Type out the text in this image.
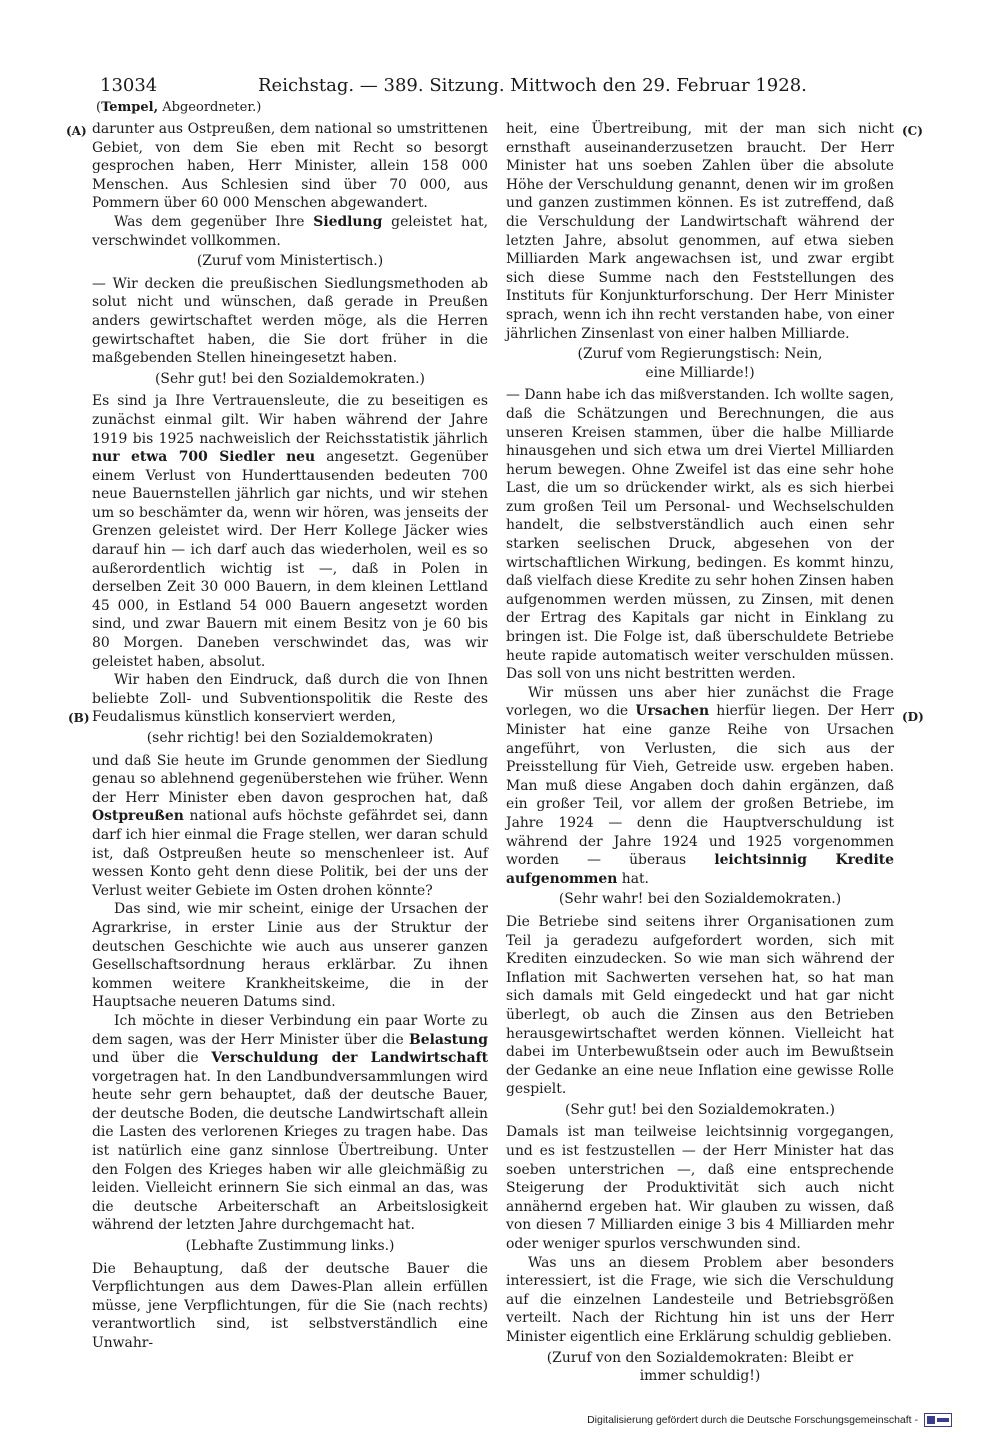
13034	Reichstag. — 389. Sitzung. Mittwoch den 29. Februar 1928.
(Tempel, Abgeordneter.)
(A)
(B)
(C)
(D)

darunter aus Ostpreußen, dem national so umstrittenen Gebiet, von dem Sie eben mit Recht so besorgt gesprochen haben, Herr Minister, allein 158 000 Menschen. Aus Schlesien sind über 70 000, aus Pommern über 60 000 Menschen abgewandert.

Was dem gegenüber Ihre Siedlung geleistet hat, verschwindet vollkommen.

(Zuruf vom Ministertisch.)

— Wir decken die preußischen Siedlungsmethoden ab solut nicht und wünschen, daß gerade in Preußen anders gewirtschaftet werden möge, als die Herren gewirtschaftet haben, die Sie dort früher in die maßgebenden Stellen hineingesetzt haben.

(Sehr gut! bei den Sozialdemokraten.)

Es sind ja Ihre Vertrauensleute, die zu beseitigen es zunächst einmal gilt. Wir haben während der Jahre 1919 bis 1925 nachweislich der Reichsstatistik jährlich nur etwa 700 Siedler neu angesetzt. Gegenüber einem Verlust von Hunderttausenden bedeuten 700 neue Bauernstellen jährlich gar nichts, und wir stehen um so beschämter da, wenn wir hören, was jenseits der Grenzen geleistet wird. Der Herr Kollege Jäcker wies darauf hin — ich darf auch das wiederholen, weil es so außerordentlich wichtig ist —, daß in Polen in derselben Zeit 30 000 Bauern, in dem kleinen Lettland 45 000, in Estland 54 000 Bauern angesetzt worden sind, und zwar Bauern mit einem Besitz von je 60 bis 80 Morgen. Daneben verschwindet das, was wir geleistet haben, absolut.

Wir haben den Eindruck, daß durch die von Ihnen beliebte Zoll- und Subventionspolitik die Reste des Feudalismus künstlich konserviert werden,

(sehr richtig! bei den Sozialdemokraten)

und daß Sie heute im Grunde genommen der Siedlung genau so ablehnend gegenüberstehen wie früher. Wenn der Herr Minister eben davon gesprochen hat, daß Ostpreußen national aufs höchste gefährdet sei, dann darf ich hier einmal die Frage stellen, wer daran schuld ist, daß Ostpreußen heute so menschenleer ist. Auf wessen Konto geht denn diese Politik, bei der uns der Verlust weiter Gebiete im Osten drohen könnte?

Das sind, wie mir scheint, einige der Ursachen der Agrarkrise, in erster Linie aus der Struktur der deutschen Geschichte wie auch aus unserer ganzen Gesellschaftsordnung heraus erklärbar. Zu ihnen kommen weitere Krankheitskeime, die in der Hauptsache neueren Datums sind.

Ich möchte in dieser Verbindung ein paar Worte zu dem sagen, was der Herr Minister über die Belastung und über die Verschuldung der Landwirtschaft vorgetragen hat. In den Landbundversammlungen wird heute sehr gern behauptet, daß der deutsche Bauer, der deutsche Boden, die deutsche Landwirtschaft allein die Lasten des verlorenen Krieges zu tragen habe. Das ist natürlich eine ganz sinnlose Übertreibung. Unter den Folgen des Krieges haben wir alle gleichmäßig zu leiden. Vielleicht erinnern Sie sich einmal an das, was die deutsche Arbeiterschaft an Arbeitslosigkeit während der letzten Jahre durchgemacht hat.

(Lebhafte Zustimmung links.)

Die Behauptung, daß der deutsche Bauer die Verpflichtungen aus dem Dawes-Plan allein erfüllen müsse, jene Verpflichtungen, für die Sie (nach rechts) verantwortlich sind, ist selbstverständlich eine Unwahr-

heit, eine Übertreibung, mit der man sich nicht ernsthaft auseinanderzusetzen braucht. Der Herr Minister hat uns soeben Zahlen über die absolute Höhe der Verschuldung genannt, denen wir im großen und ganzen zustimmen können. Es ist zutreffend, daß die Verschuldung der Landwirtschaft während der letzten Jahre, absolut genommen, auf etwa sieben Milliarden Mark angewachsen ist, und zwar ergibt sich diese Summe nach den Feststellungen des Instituts für Konjunkturforschung. Der Herr Minister sprach, wenn ich ihn recht verstanden habe, von einer jährlichen Zinsenlast von einer halben Milliarde.

(Zuruf vom Regierungstisch: Nein,
eine Milliarde!)

— Dann habe ich das mißverstanden. Ich wollte sagen, daß die Schätzungen und Berechnungen, die aus unseren Kreisen stammen, über die halbe Milliarde hinausgehen und sich etwa um drei Viertel Milliarden herum bewegen. Ohne Zweifel ist das eine sehr hohe Last, die um so drückender wirkt, als es sich hierbei zum großen Teil um Personal- und Wechselschulden handelt, die selbstverständlich auch einen sehr starken seelischen Druck, abgesehen von der wirtschaftlichen Wirkung, bedingen. Es kommt hinzu, daß vielfach diese Kredite zu sehr hohen Zinsen haben aufgenommen werden müssen, zu Zinsen, mit denen der Ertrag des Kapitals gar nicht in Einklang zu bringen ist. Die Folge ist, daß überschuldete Betriebe heute rapide automatisch weiter verschulden müssen. Das soll von uns nicht bestritten werden.

Wir müssen uns aber hier zunächst die Frage vorlegen, wo die Ursachen hierfür liegen. Der Herr Minister hat eine ganze Reihe von Ursachen angeführt, von Verlusten, die sich aus der Preisstellung für Vieh, Getreide usw. ergeben haben. Man muß diese Angaben doch dahin ergänzen, daß ein großer Teil, vor allem der großen Betriebe, im Jahre 1924 — denn die Hauptverschuldung ist während der Jahre 1924 und 1925 vorgenommen worden — überaus leichtsinnig Kredite aufgenommen hat.

(Sehr wahr! bei den Sozialdemokraten.)

Die Betriebe sind seitens ihrer Organisationen zum Teil ja geradezu aufgefordert worden, sich mit Krediten einzudecken. So wie man sich während der Inflation mit Sachwerten versehen hat, so hat man sich damals mit Geld eingedeckt und hat gar nicht überlegt, ob auch die Zinsen aus den Betrieben herausgewirtschaftet werden können. Vielleicht hat dabei im Unterbewußtsein oder auch im Bewußtsein der Gedanke an eine neue Inflation eine gewisse Rolle gespielt.

(Sehr gut! bei den Sozialdemokraten.)

Damals ist man teilweise leichtsinnig vorgegangen, und es ist festzustellen — der Herr Minister hat das soeben unterstrichen —, daß eine entsprechende Steigerung der Produktivität sich auch nicht annähernd ergeben hat. Wir glauben zu wissen, daß von diesen 7 Milliarden einige 3 bis 4 Milliarden mehr oder weniger spurlos verschwunden sind.

Was uns an diesem Problem aber besonders interessiert, ist die Frage, wie sich die Verschuldung auf die einzelnen Landesteile und Betriebsgrößen verteilt. Nach der Richtung hin ist uns der Herr Minister eigentlich eine Erklärung schuldig geblieben.

(Zuruf von den Sozialdemokraten: Bleibt er
immer schuldig!)

Digitalisierung gefördert durch die Deutsche Forschungsgemeinschaft -
